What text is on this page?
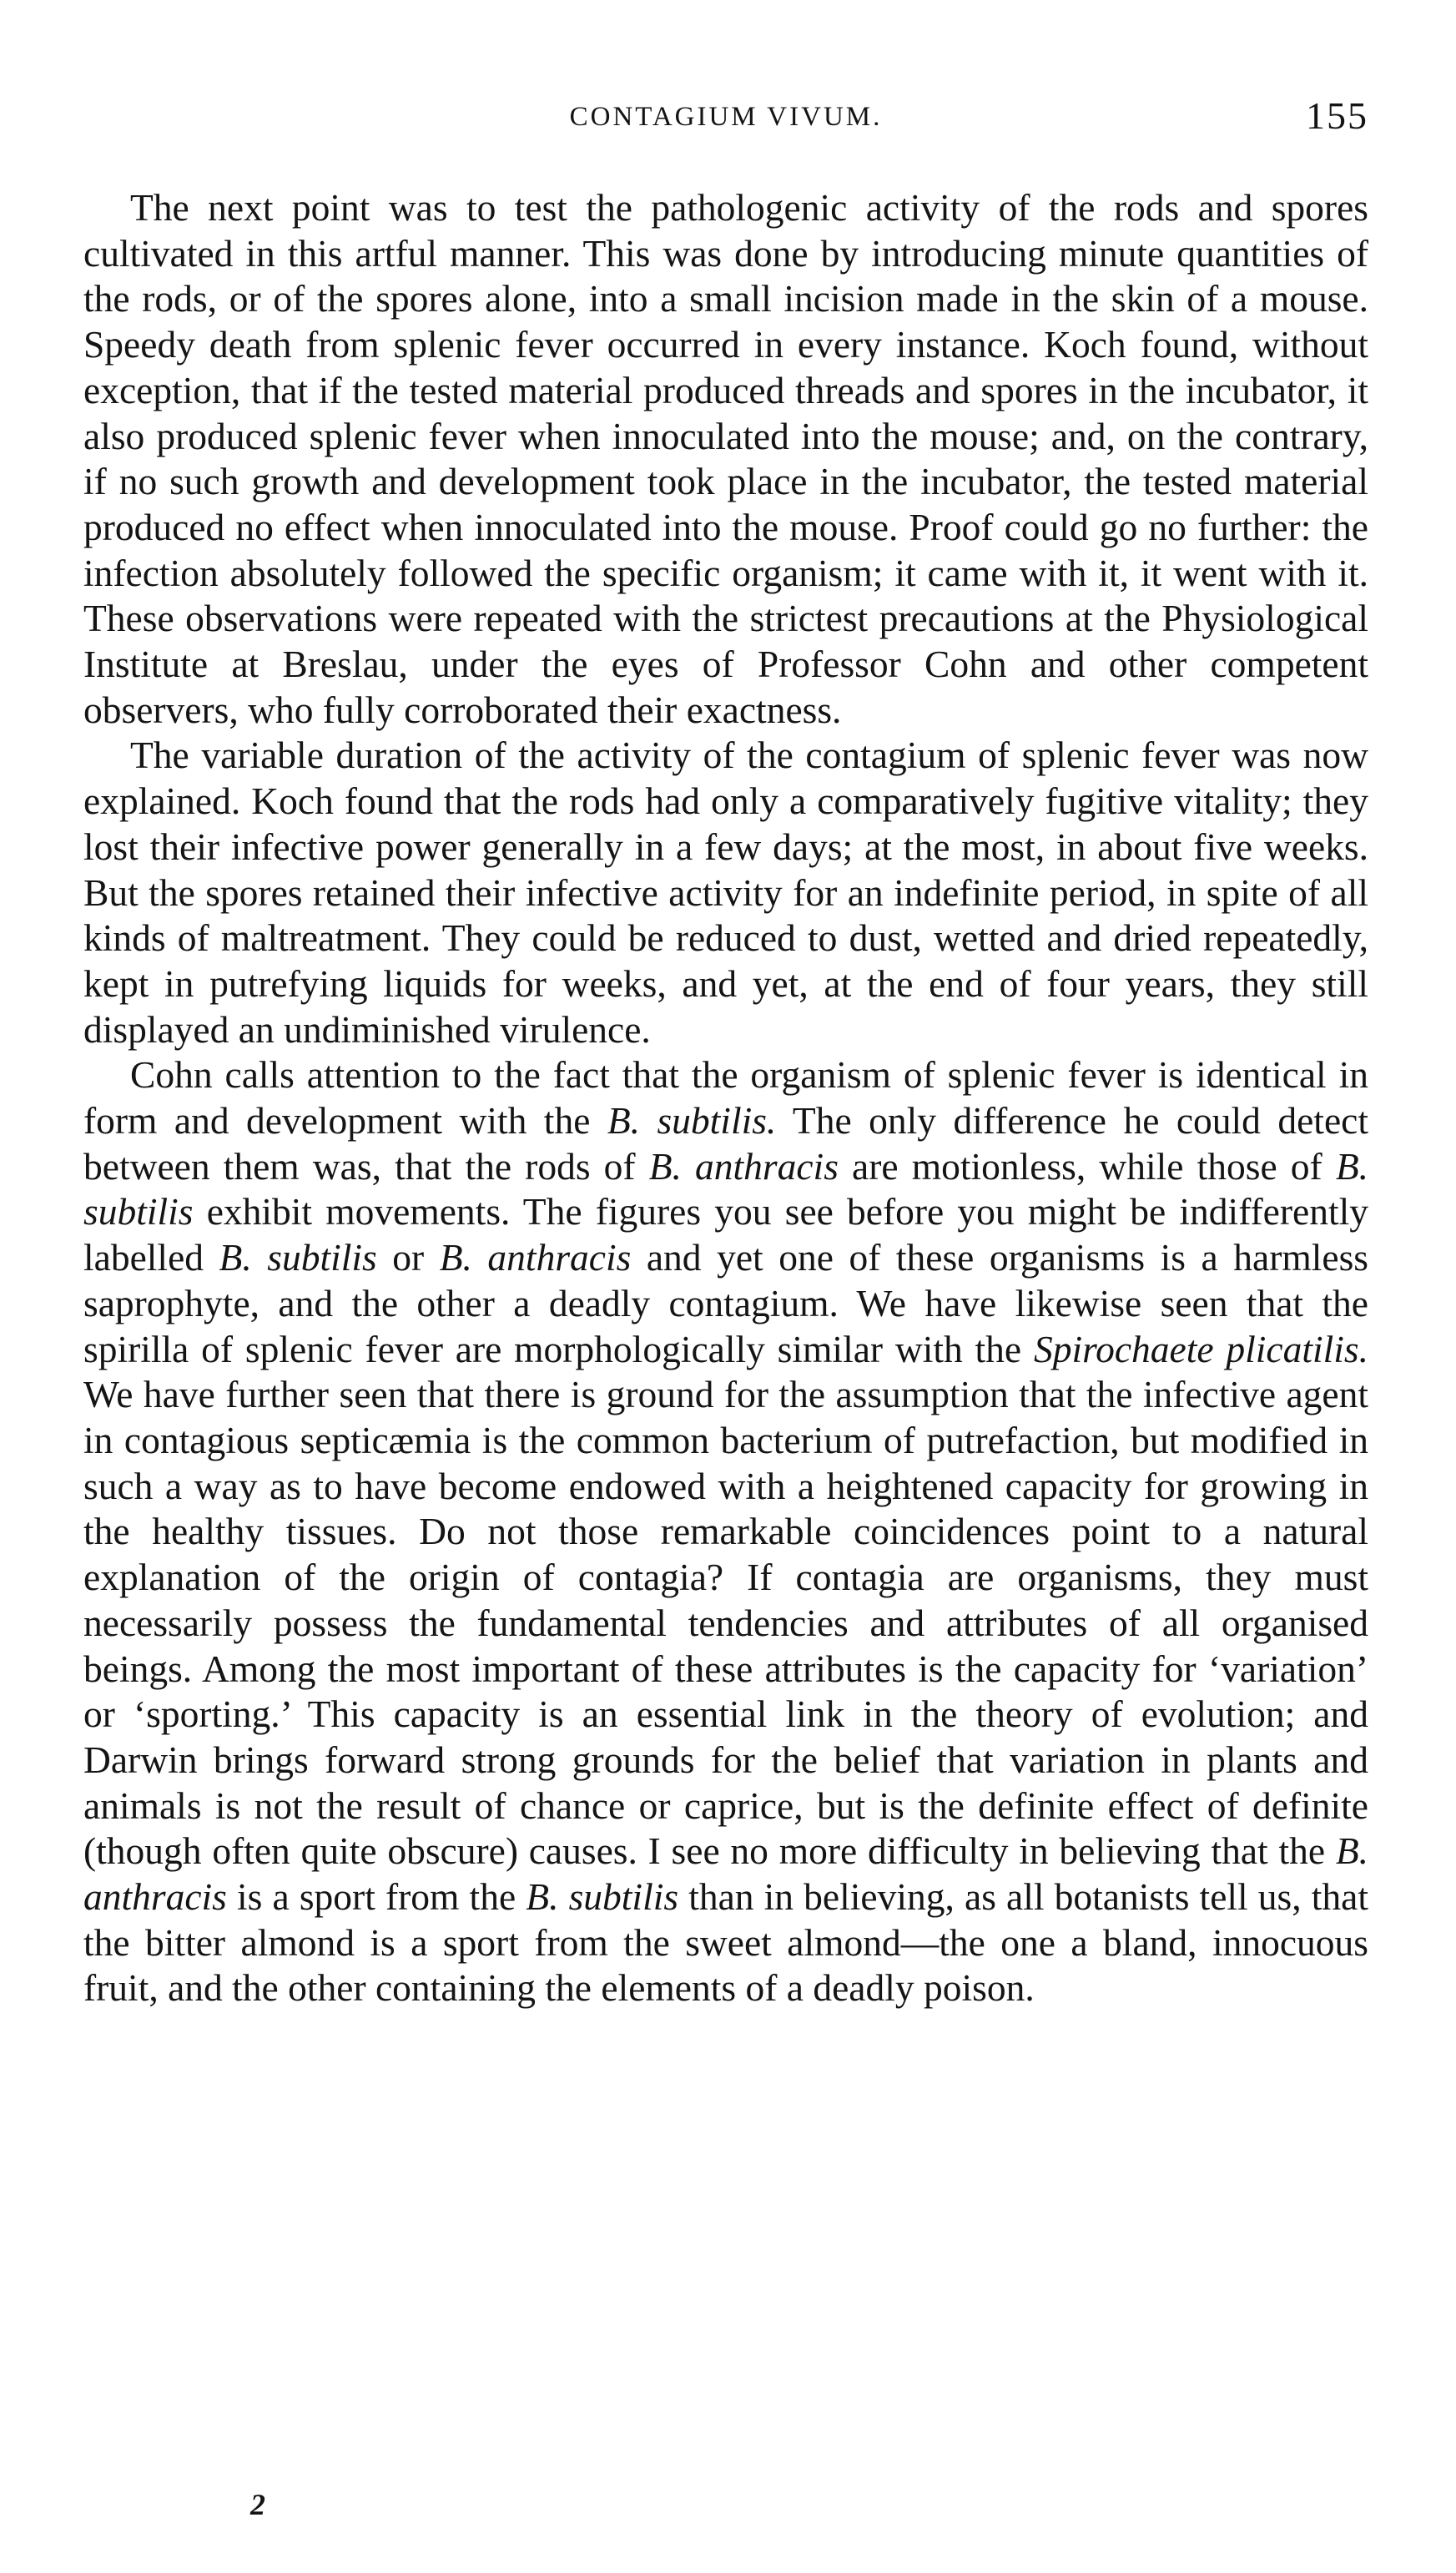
CONTAGIUM VIVUM.	155

The next point was to test the pathologenic activity of the rods and spores cultivated in this artful manner. This was done by introducing minute quantities of the rods, or of the spores alone, into a small incision made in the skin of a mouse. Speedy death from splenic fever occurred in every instance. Koch found, without exception, that if the tested material produced threads and spores in the incubator, it also produced splenic fever when innoculated into the mouse; and, on the contrary, if no such growth and development took place in the incubator, the tested material produced no effect when innoculated into the mouse. Proof could go no further: the infection absolutely followed the specific organism; it came with it, it went with it. These observations were repeated with the strictest precautions at the Physiological Institute at Breslau, under the eyes of Professor Cohn and other competent observers, who fully corroborated their exactness.

The variable duration of the activity of the contagium of splenic fever was now explained. Koch found that the rods had only a comparatively fugitive vitality; they lost their infective power generally in a few days; at the most, in about five weeks. But the spores retained their infective activity for an indefinite period, in spite of all kinds of maltreatment. They could be reduced to dust, wetted and dried repeatedly, kept in putrefying liquids for weeks, and yet, at the end of four years, they still displayed an undiminished virulence.

Cohn calls attention to the fact that the organism of splenic fever is identical in form and development with the B. subtilis. The only difference he could detect between them was, that the rods of B. anthracis are motionless, while those of B. subtilis exhibit movements. The figures you see before you might be indifferently labelled B. subtilis or B. anthracis and yet one of these organisms is a harmless saprophyte, and the other a deadly contagium. We have likewise seen that the spirilla of splenic fever are morphologically similar with the Spirochaete plicatilis. We have further seen that there is ground for the assumption that the infective agent in contagious septicæmia is the common bacterium of putrefaction, but modified in such a way as to have become endowed with a heightened capacity for growing in the healthy tissues. Do not those remarkable coincidences point to a natural explanation of the origin of contagia? If contagia are organisms, they must necessarily possess the fundamental tendencies and attributes of all organised beings. Among the most important of these attributes is the capacity for ‘variation’ or ‘sporting.’ This capacity is an essential link in the theory of evolution; and Darwin brings forward strong grounds for the belief that variation in plants and animals is not the result of chance or caprice, but is the definite effect of definite (though often quite obscure) causes. I see no more difficulty in believing that the B. anthracis is a sport from the B. subtilis than in believing, as all botanists tell us, that the bitter almond is a sport from the sweet almond—the one a bland, innocuous fruit, and the other containing the elements of a deadly poison.

2
